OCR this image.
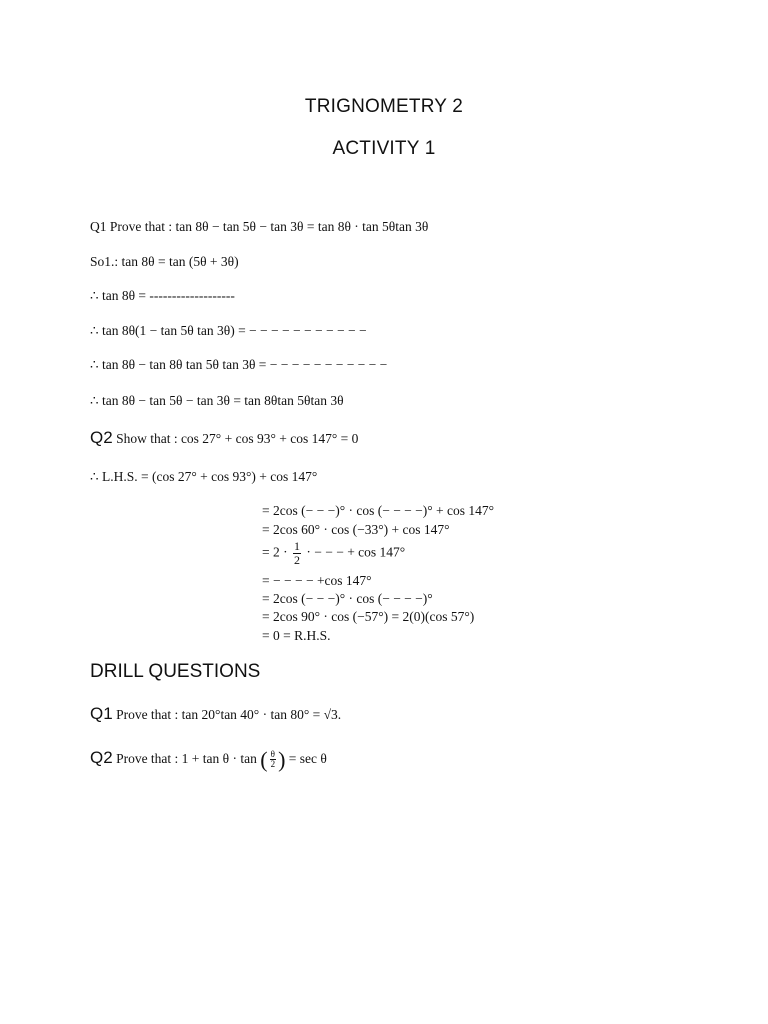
TRIGNOMETRY 2
ACTIVITY 1
Q1 Prove that : tan 8θ − tan 5θ − tan 3θ = tan 8θ · tan 5θtan 3θ
So1.: tan 8θ = tan (5θ + 3θ)
∴ tan 8θ = -------------------
∴ tan 8θ(1 − tan 5θ tan 3θ) = − − − − − − − − − − −
∴ tan 8θ − tan 8θ tan 5θ tan 3θ = − − − − − − − − − − −
∴ tan 8θ − tan 5θ − tan 3θ = tan 8θtan 5θtan 3θ
Q2 Show that : cos 27° + cos 93° + cos 147° = 0
∴ L.H.S. = (cos 27° + cos 93°) + cos 147°
= 2cos (− − −)° · cos (− − − −)° + cos 147°
= 2cos 60° · cos (−33°) + cos 147°
= $2 \cdot \frac{1}{2}$ · − − − + cos 147°
= − − − − +cos 147°
= 2cos (− − −)° · cos (− − − −)°
= 2cos 90° · cos (−57°) = 2(0)(cos 57°)
= 0 = R.H.S.
DRILL QUESTIONS
Q1 Prove that : tan 20°tan 40° · tan 80° = √3.
Q2 Prove that : 1 + tan θ · tan ( $\frac{\theta}{2}$ ) = sec θ
